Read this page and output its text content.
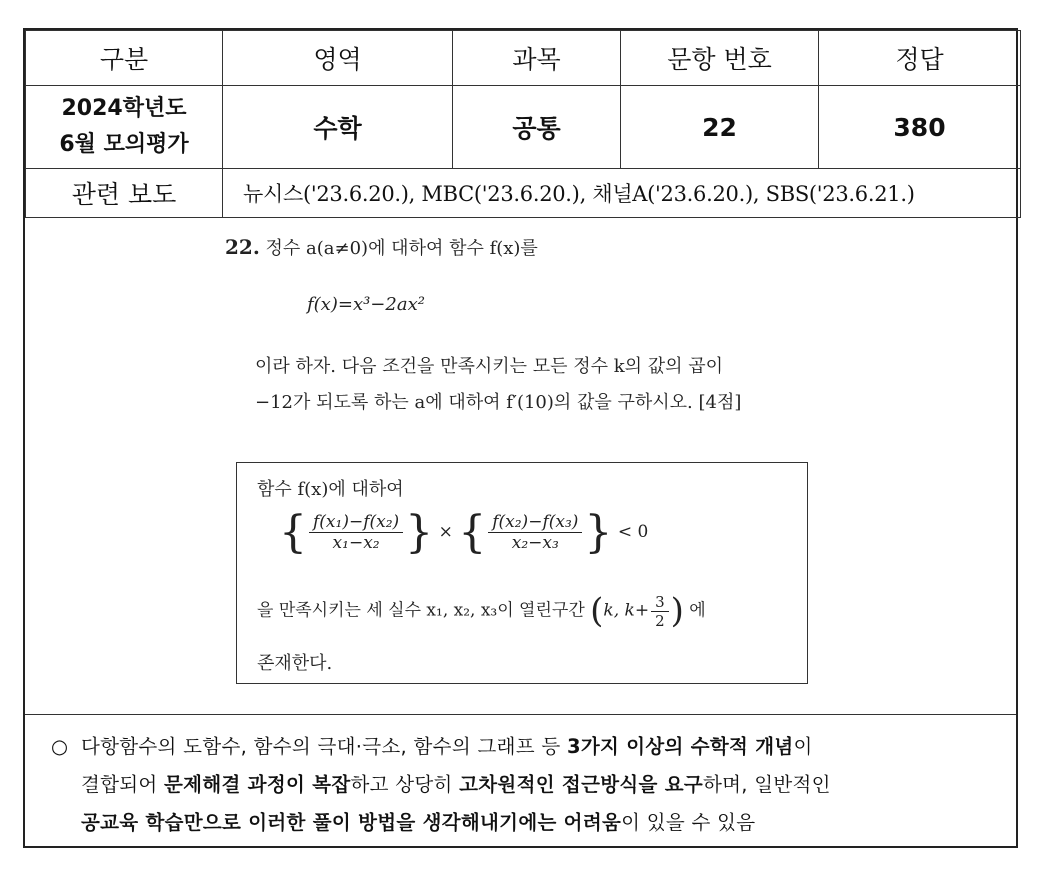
구분	영역	과목	문항 번호	정답
2024학년도
6월 모의평가	수학	공통	22	380
관련 보도	뉴시스('23.6.20.), MBC('23.6.20.), 채널A('23.6.20.), SBS('23.6.21.)			
22. 정수 a(a≠0)에 대하여 함수 f(x)를
f(x)=x³−2ax²
이라 하자. 다음 조건을 만족시키는 모든 정수 k의 값의 곱이
−12가 되도록 하는 a에 대하여 f′(10)의 값을 구하시오. [4점]
함수 f(x)에 대하여
{ $\frac{\text{f(x₁)−f(x₂)}}{\text{x₁−x₂}}$ } × { $\frac{\text{f(x₂)−f(x₃)}}{\text{x₂−x₃}}$ } < 0
을 만족시키는 세 실수 x₁, x₂, x₃이 열린구간 (k, $k+ \frac{3}{2}$ ) 에
존재한다.
○ 다항함수의 도함수, 함수의 극대·극소, 함수의 그래프 등 3가지 이상의 수학적 개념이
결합되어 문제해결 과정이 복잡하고 상당히 고차원적인 접근방식을 요구하며, 일반적인
공교육 학습만으로 이러한 풀이 방법을 생각해내기에는 어려움이 있을 수 있음
